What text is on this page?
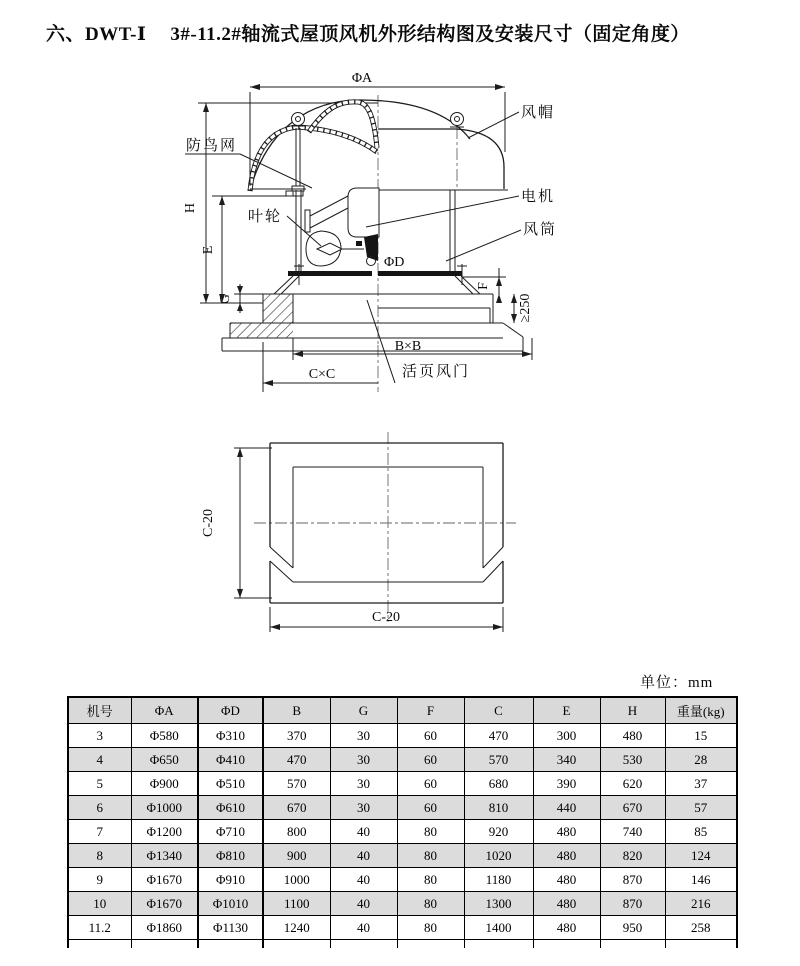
六、DWT-Ⅰ 3#-11.2#轴流式屋顶风机外形结构图及安装尺寸（固定角度）
ΦA
H
E
G
F
≥250
B×B
C×C
ΦD
风帽
防鸟网
电机
叶轮
风筒
活页风门
C-20
C-20
单位：mm
机号	ΦA	ΦD	B	G	F	C	E	H	重量(kg)
3	Φ580	Φ310	370	30	60	470	300	480	15
4	Φ650	Φ410	470	30	60	570	340	530	28
5	Φ900	Φ510	570	30	60	680	390	620	37
6	Φ1000	Φ610	670	30	60	810	440	670	57
7	Φ1200	Φ710	800	40	80	920	480	740	85
8	Φ1340	Φ810	900	40	80	1020	480	820	124
9	Φ1670	Φ910	1000	40	80	1180	480	870	146
10	Φ1670	Φ1010	1100	40	80	1300	480	870	216
11.2	Φ1860	Φ1130	1240	40	80	1400	480	950	258
